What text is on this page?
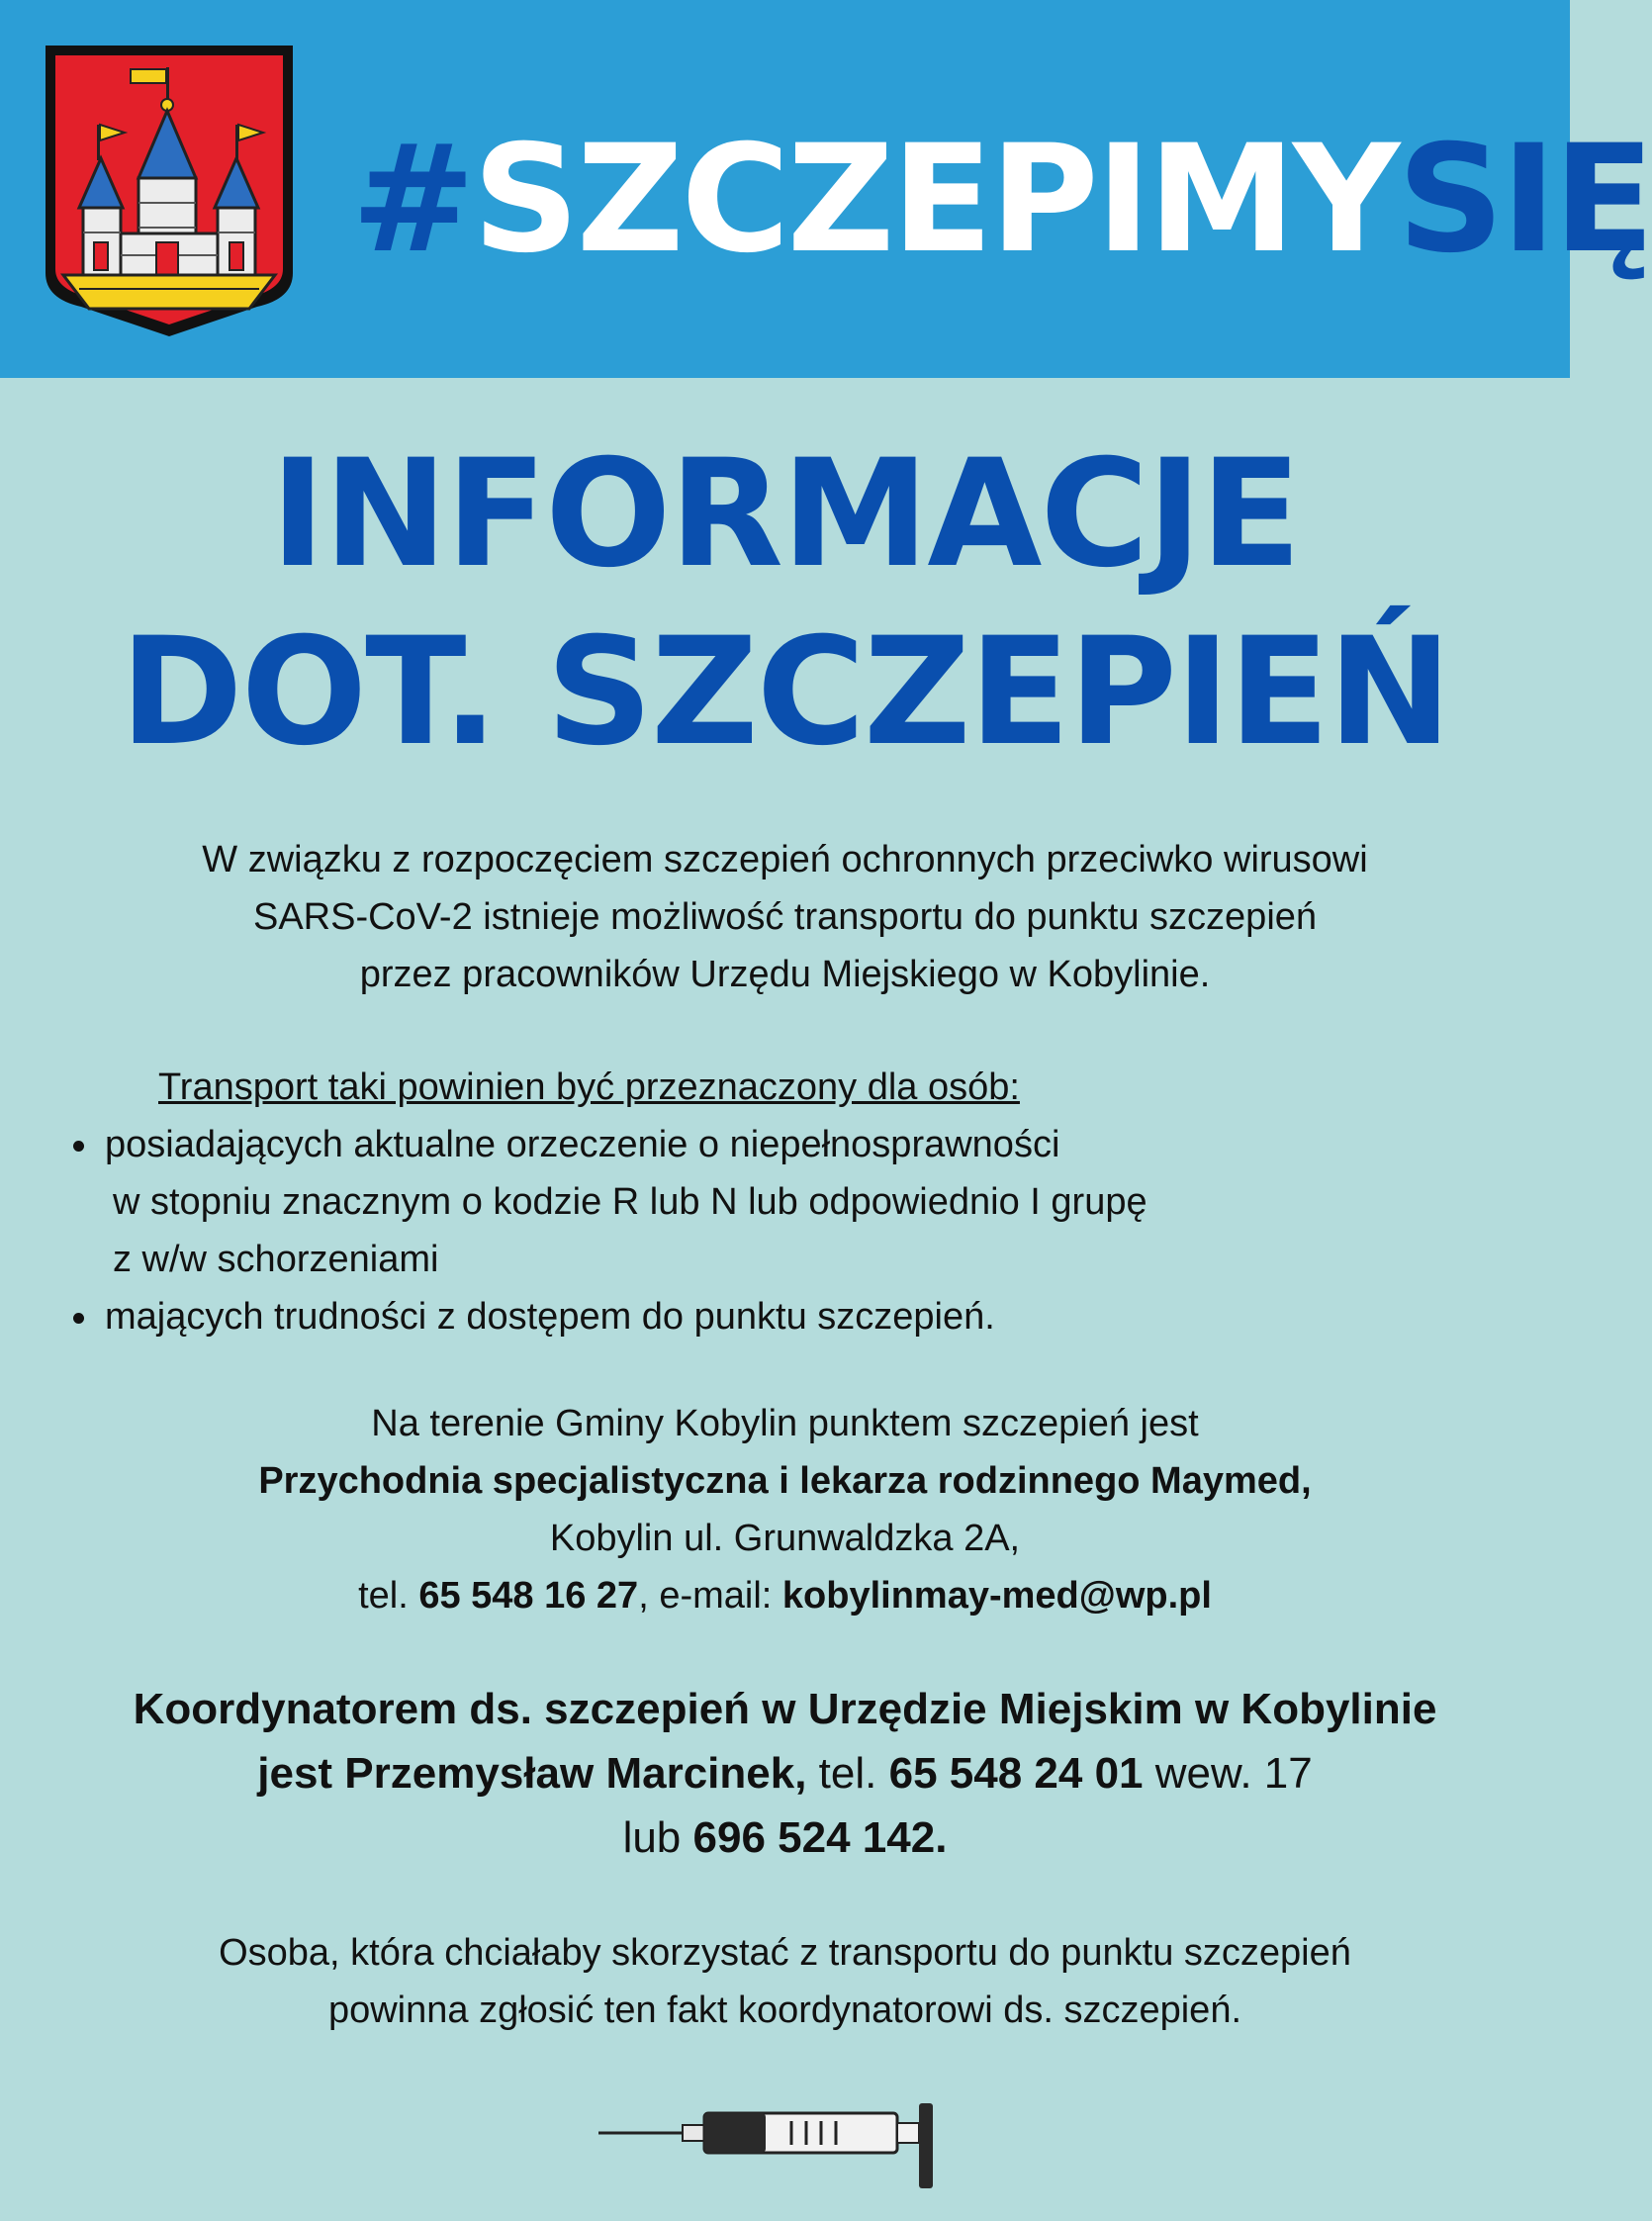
#SZCZEPIMYSIĘ
INFORMACJE
DOT. SZCZEPIEŃ

W związku z rozpoczęciem szczepień ochronnych przeciwko wirusowi

SARS-CoV-2 istnieje możliwość transportu do punktu szczepień

przez pracowników Urzędu Miejskiego w Kobylinie.

Transport taki powinien być przeznaczony dla osób:
posiadających aktualne orzeczenie o niepełnosprawności
w stopniu znacznym o kodzie R lub N lub odpowiednio I grupę
z w/w schorzeniami
mających trudności z dostępem do punktu szczepień.

Na terenie Gminy Kobylin punktem szczepień jest

Przychodnia specjalistyczna i lekarza rodzinnego Maymed,

Kobylin ul. Grunwaldzka 2A,

tel. 65 548 16 27, e-mail: kobylinmay-med@wp.pl

Koordynatorem ds. szczepień w Urzędzie Miejskim w Kobylinie

jest Przemysław Marcinek, tel. 65 548 24 01 wew. 17

lub 696 524 142.

Osoba, która chciałaby skorzystać z transportu do punktu szczepień

powinna zgłosić ten fakt koordynatorowi ds. szczepień.
